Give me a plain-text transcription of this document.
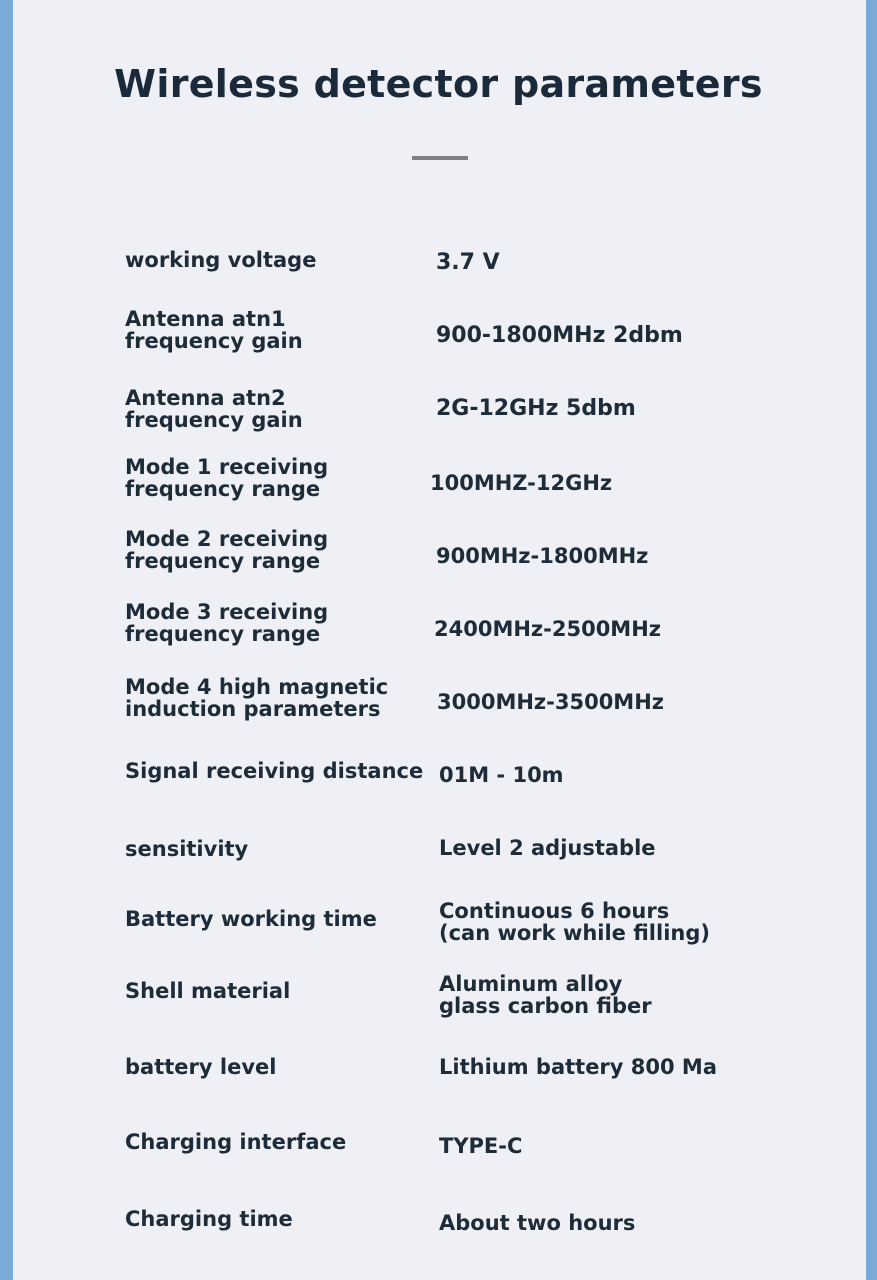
Wireless detector parameters
working voltage	3.7 V
Antenna atn1
frequency gain	900-1800MHz 2dbm
Antenna atn2
frequency gain	2G-12GHz 5dbm
Mode 1 receiving
frequency range	100MHZ-12GHz
Mode 2 receiving
frequency range	900MHz-1800MHz
Mode 3 receiving
frequency range	2400MHz-2500MHz
Mode 4 high magnetic
induction parameters	3000MHz-3500MHz
Signal receiving distance 01M - 10m
sensitivity	Level 2 adjustable
Battery working time	Continuous 6 hours
(can work while filling)
Shell material	Aluminum alloy
glass carbon fiber
battery level	Lithium battery 800 Ma
Charging interface	TYPE-C
Charging time	About two hours
